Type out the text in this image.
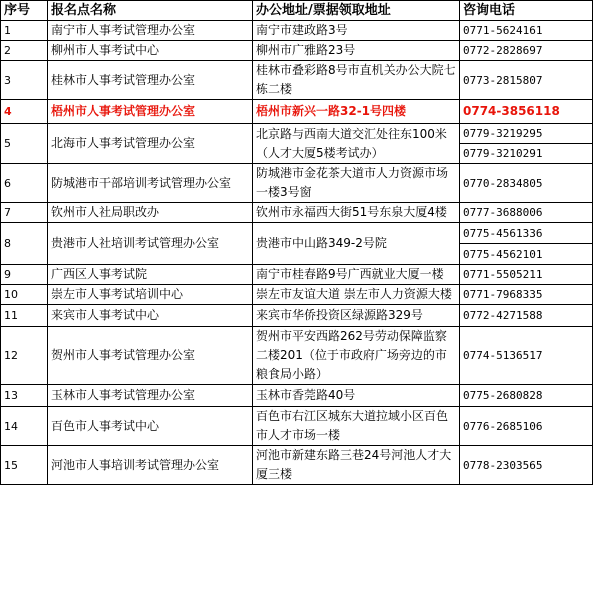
序号	报名点名称	办公地址/票据领取地址	咨询电话
1	南宁市人事考试管理办公室	南宁市建政路3号	0771-5624161
2	柳州市人事考试中心	柳州市广雅路23号	0772-2828697
3	桂林市人事考试管理办公室	桂林市叠彩路8号市直机关办公大院七栋二楼	0773-2815807
4	梧州市人事考试管理办公室	梧州市新兴一路32-1号四楼	0774-3856118
5	北海市人事考试管理办公室	北京路与西南大道交汇处往东100米（人才大厦5楼考试办）	0779-3219295
			0779-3210291
6	防城港市干部培训考试管理办公室	防城港市金花茶大道市人力资源市场一楼3号窗	0770-2834805
7	钦州市人社局职改办	钦州市永福西大街51号东泉大厦4楼	0777-3688006
8	贵港市人社培训考试管理办公室	贵港市中山路349-2号院	0775-4561336
			0775-4562101
9	广西区人事考试院	南宁市桂春路9号广西就业大厦一楼	0771-5505211
10	崇左市人事考试培训中心	崇左市友谊大道 崇左市人力资源大楼	0771-7968335
11	来宾市人事考试中心	来宾市华侨投资区绿源路329号	0772-4271588
12	贺州市人事考试管理办公室	贺州市平安西路262号劳动保障监察二楼201（位于市政府广场旁边的市粮食局小路）	0774-5136517
13	玉林市人事考试管理办公室	玉林市香莞路40号	0775-2680828
14	百色市人事考试中心	百色市右江区城东大道拉域小区百色市人才市场一楼	0776-2685106
15	河池市人事培训考试管理办公室	河池市新建东路三巷24号河池人才大厦三楼	0778-2303565
